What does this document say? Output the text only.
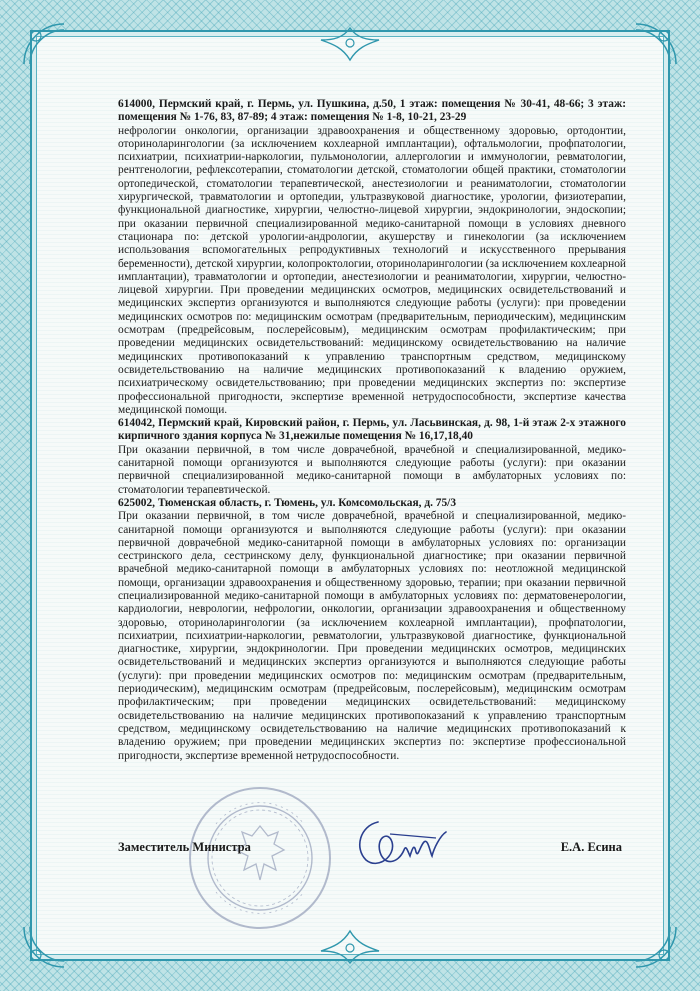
614000, Пермский край, г. Пермь, ул. Пушкина, д.50, 1 этаж: помещения № 30-41, 48-66; 3 этаж: помещения № 1-76, 83, 87-89; 4 этаж: помещения № 1-8, 10-21, 23-29

нефрологии онкологии, организации здравоохранения и общественному здоровью, ортодонтии, оториноларингологии (за исключением кохлеарной имплантации), офтальмологии, профпатологии, психиатрии, психиатрии-наркологии, пульмонологии, аллергологии и иммунологии, ревматологии, рентгенологии, рефлексотерапии, стоматологии детской, стоматологии общей практики, стоматологии ортопедической, стоматологии терапевтической, анестезиологии и реаниматологии, стоматологии хирургической, травматологии и ортопедии, ультразвуковой диагностике, урологии, физиотерапии, функциональной диагностике, хирургии, челюстно-лицевой хирургии, эндокринологии, эндоскопии; при оказании первичной специализированной медико-санитарной помощи в условиях дневного стационара по: детской урологии-андрологии, акушерству и гинекологии (за исключением использования вспомогательных репродуктивных технологий и искусственного прерывания беременности), детской хирургии, колопроктологии, оториноларингологии (за исключением кохлеарной имплантации), травматологии и ортопедии, анестезиологии и реаниматологии, хирургии, челюстно-лицевой хирургии. При проведении медицинских осмотров, медицинских освидетельствований и медицинских экспертиз организуются и выполняются следующие работы (услуги): при проведении медицинских осмотров по: медицинским осмотрам (предварительным, периодическим), медицинским осмотрам (предрейсовым, послерейсовым), медицинским осмотрам профилактическим; при проведении медицинских освидетельствований: медицинскому освидетельствованию на наличие медицинских противопоказаний к управлению транспортным средством, медицинскому освидетельствованию на наличие медицинских противопоказаний к владению оружием, психиатрическому освидетельствованию; при проведении медицинских экспертиз по: экспертизе профессиональной пригодности, экспертизе временной нетрудоспособности, экспертизе качества медицинской помощи.

614042, Пермский край, Кировский район, г. Пермь, ул. Ласьвинская, д. 98, 1-й этаж 2-х этажного кирпичного здания корпуса № 31,нежилые помещения № 16,17,18,40

При оказании первичной, в том числе доврачебной, врачебной и специализированной, медико-санитарной помощи организуются и выполняются следующие работы (услуги): при оказании первичной специализированной медико-санитарной помощи в амбулаторных условиях по: стоматологии терапевтической.

625002, Тюменская область, г. Тюмень, ул. Комсомольская, д. 75/3

При оказании первичной, в том числе доврачебной, врачебной и специализированной, медико-санитарной помощи организуются и выполняются следующие работы (услуги): при оказании первичной доврачебной медико-санитарной помощи в амбулаторных условиях по: организации сестринского дела, сестринскому делу, функциональной диагностике; при оказании первичной врачебной медико-санитарной помощи в амбулаторных условиях по: неотложной медицинской помощи, организации здравоохранения и общественному здоровью, терапии; при оказании первичной специализированной медико-санитарной помощи в амбулаторных условиях по: дерматовенерологии, кардиологии, неврологии, нефрологии, онкологии, организации здравоохранения и общественному здоровью, оториноларингологии (за исключением кохлеарной имплантации), профпатологии, психиатрии, психиатрии-наркологии, ревматологии, ультразвуковой диагностике, функциональной диагностике, хирургии, эндокринологии. При проведении медицинских осмотров, медицинских освидетельствований и медицинских экспертиз организуются и выполняются следующие работы (услуги): при проведении медицинских осмотров по: медицинским осмотрам (предварительным, периодическим), медицинским осмотрам (предрейсовым, послерейсовым), медицинским осмотрам профилактическим; при проведении медицинских освидетельствований: медицинскому освидетельствованию на наличие медицинских противопоказаний к управлению транспортным средством, медицинскому освидетельствованию на наличие медицинских противопоказаний к владению оружием; при проведении медицинских экспертиз по: экспертизе профессиональной пригодности, экспертизе временной нетрудоспособности.

Заместитель Министра	Е.А. Есина
